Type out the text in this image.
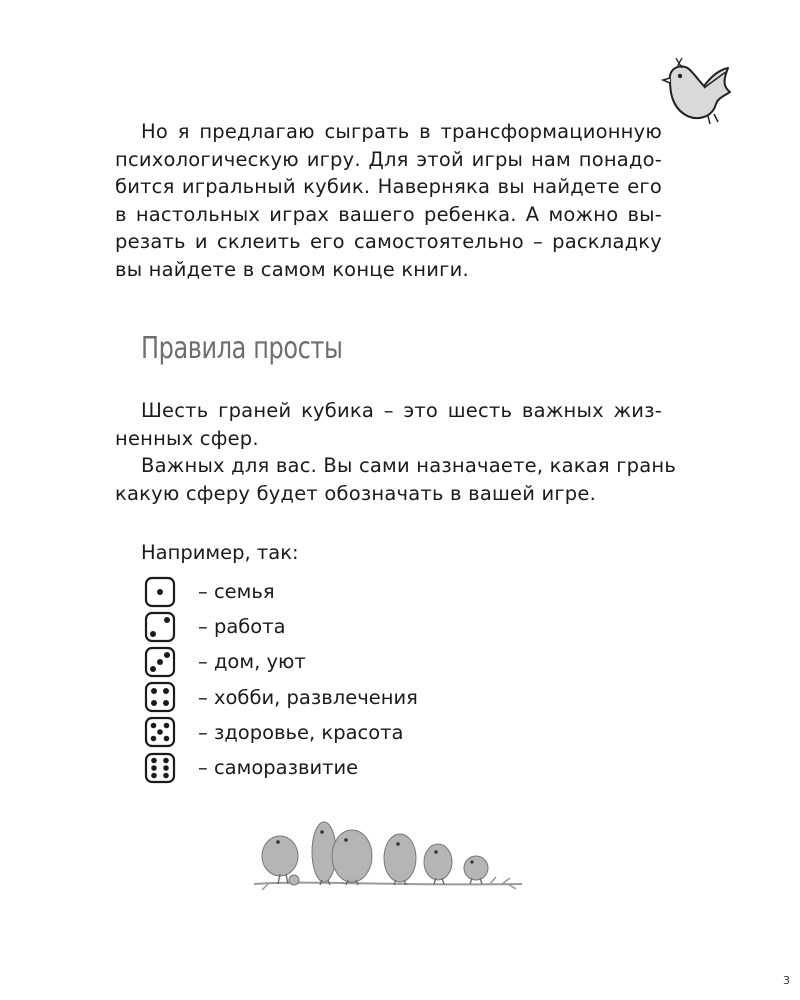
Но я предлагаю сыграть в трансформационную
психологическую игру. Для этой игры нам понадо-
бится игральный кубик. Наверняка вы найдете его
в настольных играх вашего ребенка. А можно вы-
резать и склеить его самостоятельно – раскладку
вы найдете в самом конце книги.
Правила просты
Шесть граней кубика – это шесть важных жиз-
ненных сфер.
Важных для вас. Вы сами назначаете, какая грань
какую сферу будет обозначать в вашей игре.

Например, так:

– семья
– работа
– дом, уют
– хобби, развлечения
– здоровье, красота
– саморазвитие
3
